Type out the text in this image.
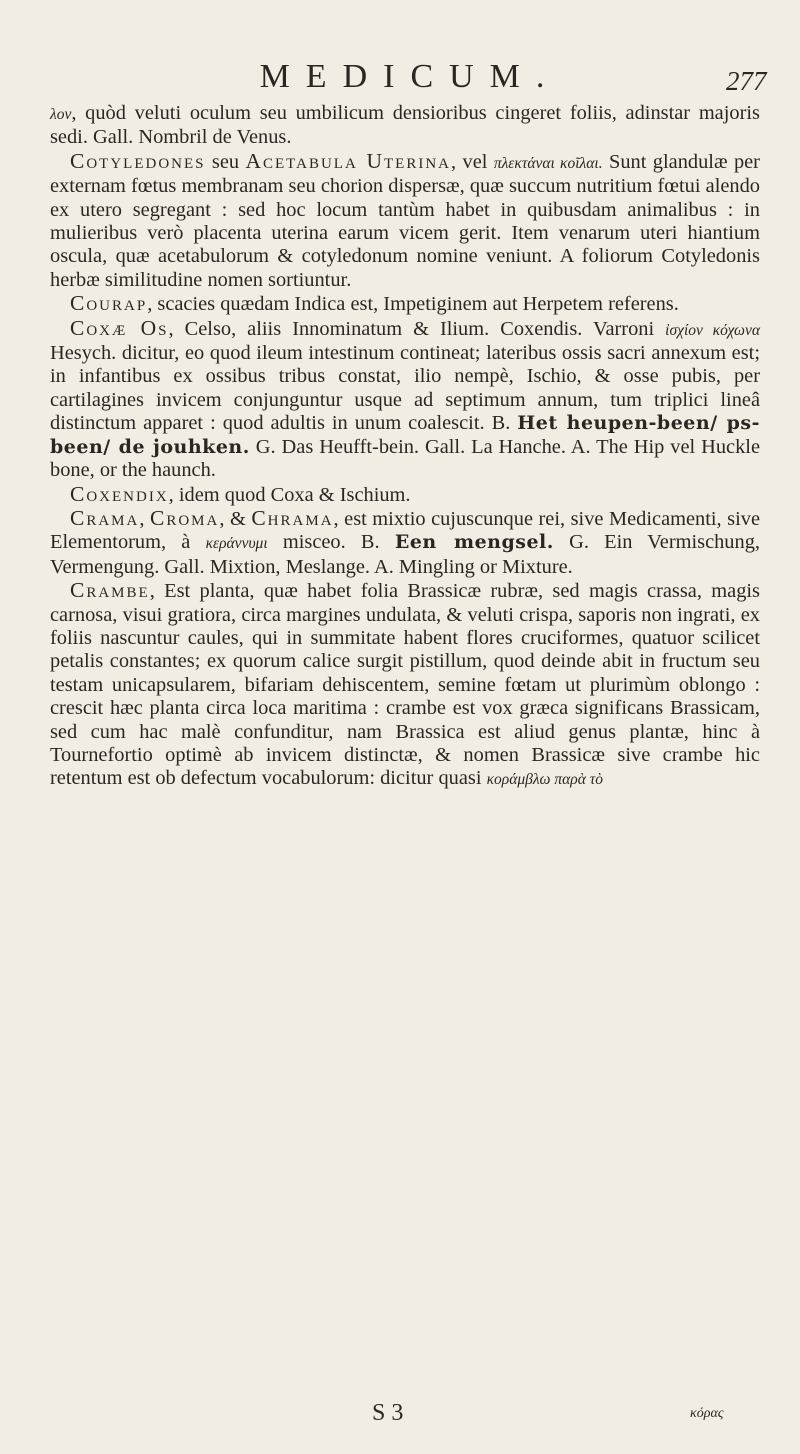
MEDICUM.	277

λον, quòd veluti oculum seu umbilicum densioribus cingeret foliis, adinstar majoris sedi. Gall. Nombril de Venus.

Cotyledones seu Acetabula Uterina, vel πλεκτάναι κοῖλαι. Sunt glandulæ per externam fœtus membranam seu chorion dispersæ, quæ succum nutritium fœtui alendo ex utero segregant : sed hoc locum tantùm habet in quibusdam animalibus : in mulieribus verò placenta uterina earum vicem gerit. Item venarum uteri hiantium osculа, quæ acetabulorum & cotyledonum nomine veniunt. A foliorum Cotyledonis herbæ similitudine nomen sortiuntur.

Courap, scacies quædam Indica est, Impetiginem aut Herpetem referens.

Coxæ Os, Celso, aliis Innominatum & Ilium. Coxendis. Varroni ἰσχίον κόχωνα Hesych. dicitur, eo quod ileum intestinum contineat; lateribus ossis sacri annexum est; in infantibus ex ossibus tribus constat, ilio nempè, Ischio, & osse pubis, per cartilagines invicem conjunguntur usque ad septimum annum, tum triplici lineâ distinctum apparet : quod adultis in unum coalescit. B. Het heupen-been/ ps-been/ de jouhken. G. Das Heufft-bein. Gall. La Hanche. A. The Hip vel Huckle bone, or the haunch.

Coxendix, idem quod Coxa & Ischium.

Crama, Croma, & Chrama, est mixtio cujuscunque rei, sive Medicamenti, sive Elementorum, à κεράννυμι misceo. B. Een mengsel. G. Ein Vermischung, Vermengung. Gall. Mixtion, Meslange. A. Mingling or Mixture.

Crambe, Est planta, quæ habet folia Brassicæ rubræ, sed magis crassa, magis carnosa, visui gratiora, circa margines undulata, & veluti crispa, saporis non ingrati, ex foliis nascuntur caules, qui in summitate habent flores cruciformes, quatuor scilicet petalis constantes; ex quorum calice surgit pistillum, quod deinde abit in fructum seu testam unicapsularem, bifariam dehiscentem, semine fœtam ut plurimùm oblongo : crescit hæc planta circa loca maritima : crambe est vox græca significans Brassicam, sed cum hac malè confunditur, nam Brassica est aliud genus plantæ, hinc à Tournefortio optimè ab invicem distinctæ, & nomen Brassicæ sive crambe hic retentum est ob defectum vocabulorum: dicitur quasi κοράμβλω παρὰ τὸ

S 3	κόρας
